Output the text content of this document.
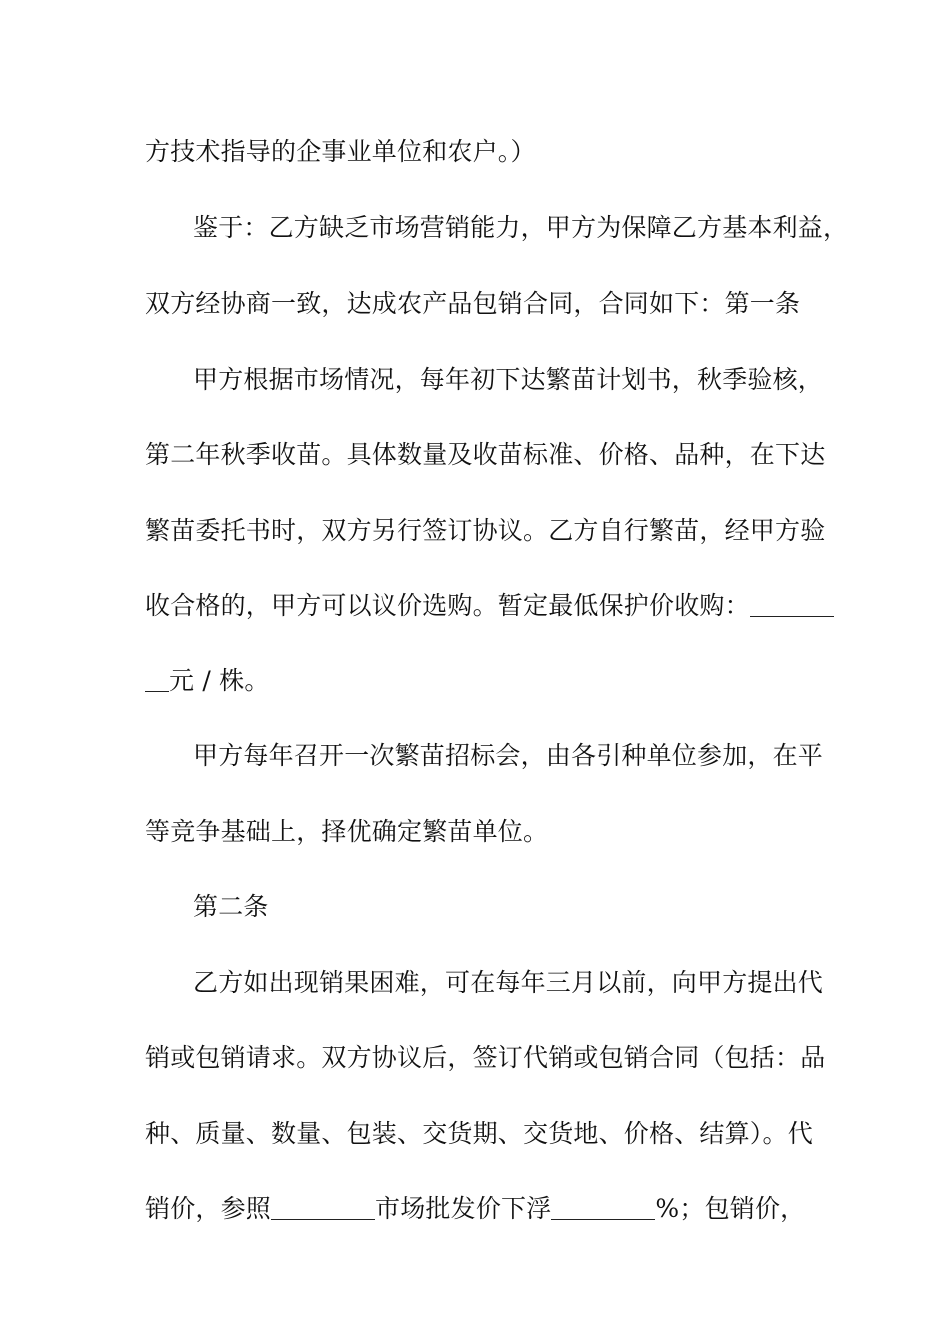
方技术指导的企事业单位和农户。）
鉴于：乙方缺乏市场营销能力，甲方为保障乙方基本利益，
双方经协商一致，达成农产品包销合同，合同如下：第一条
甲方根据市场情况，每年初下达繁苗计划书，秋季验核，
第二年秋季收苗。具体数量及收苗标准、价格、品种，在下达
繁苗委托书时，双方另行签订协议。乙方自行繁苗，经甲方验
收合格的，甲方可以议价选购。暂定最低保护价收购：
元 / 株。
甲方每年召开一次繁苗招标会，由各引种单位参加，在平
等竞争基础上，择优确定繁苗单位。
第二条
乙方如出现销果困难，可在每年三月以前，向甲方提出代
销或包销请求。双方协议后，签订代销或包销合同（包括：品
种、质量、数量、包装、交货期、交货地、价格、结算）。代
销价，参照	市场批发价下浮	%；包销价，
